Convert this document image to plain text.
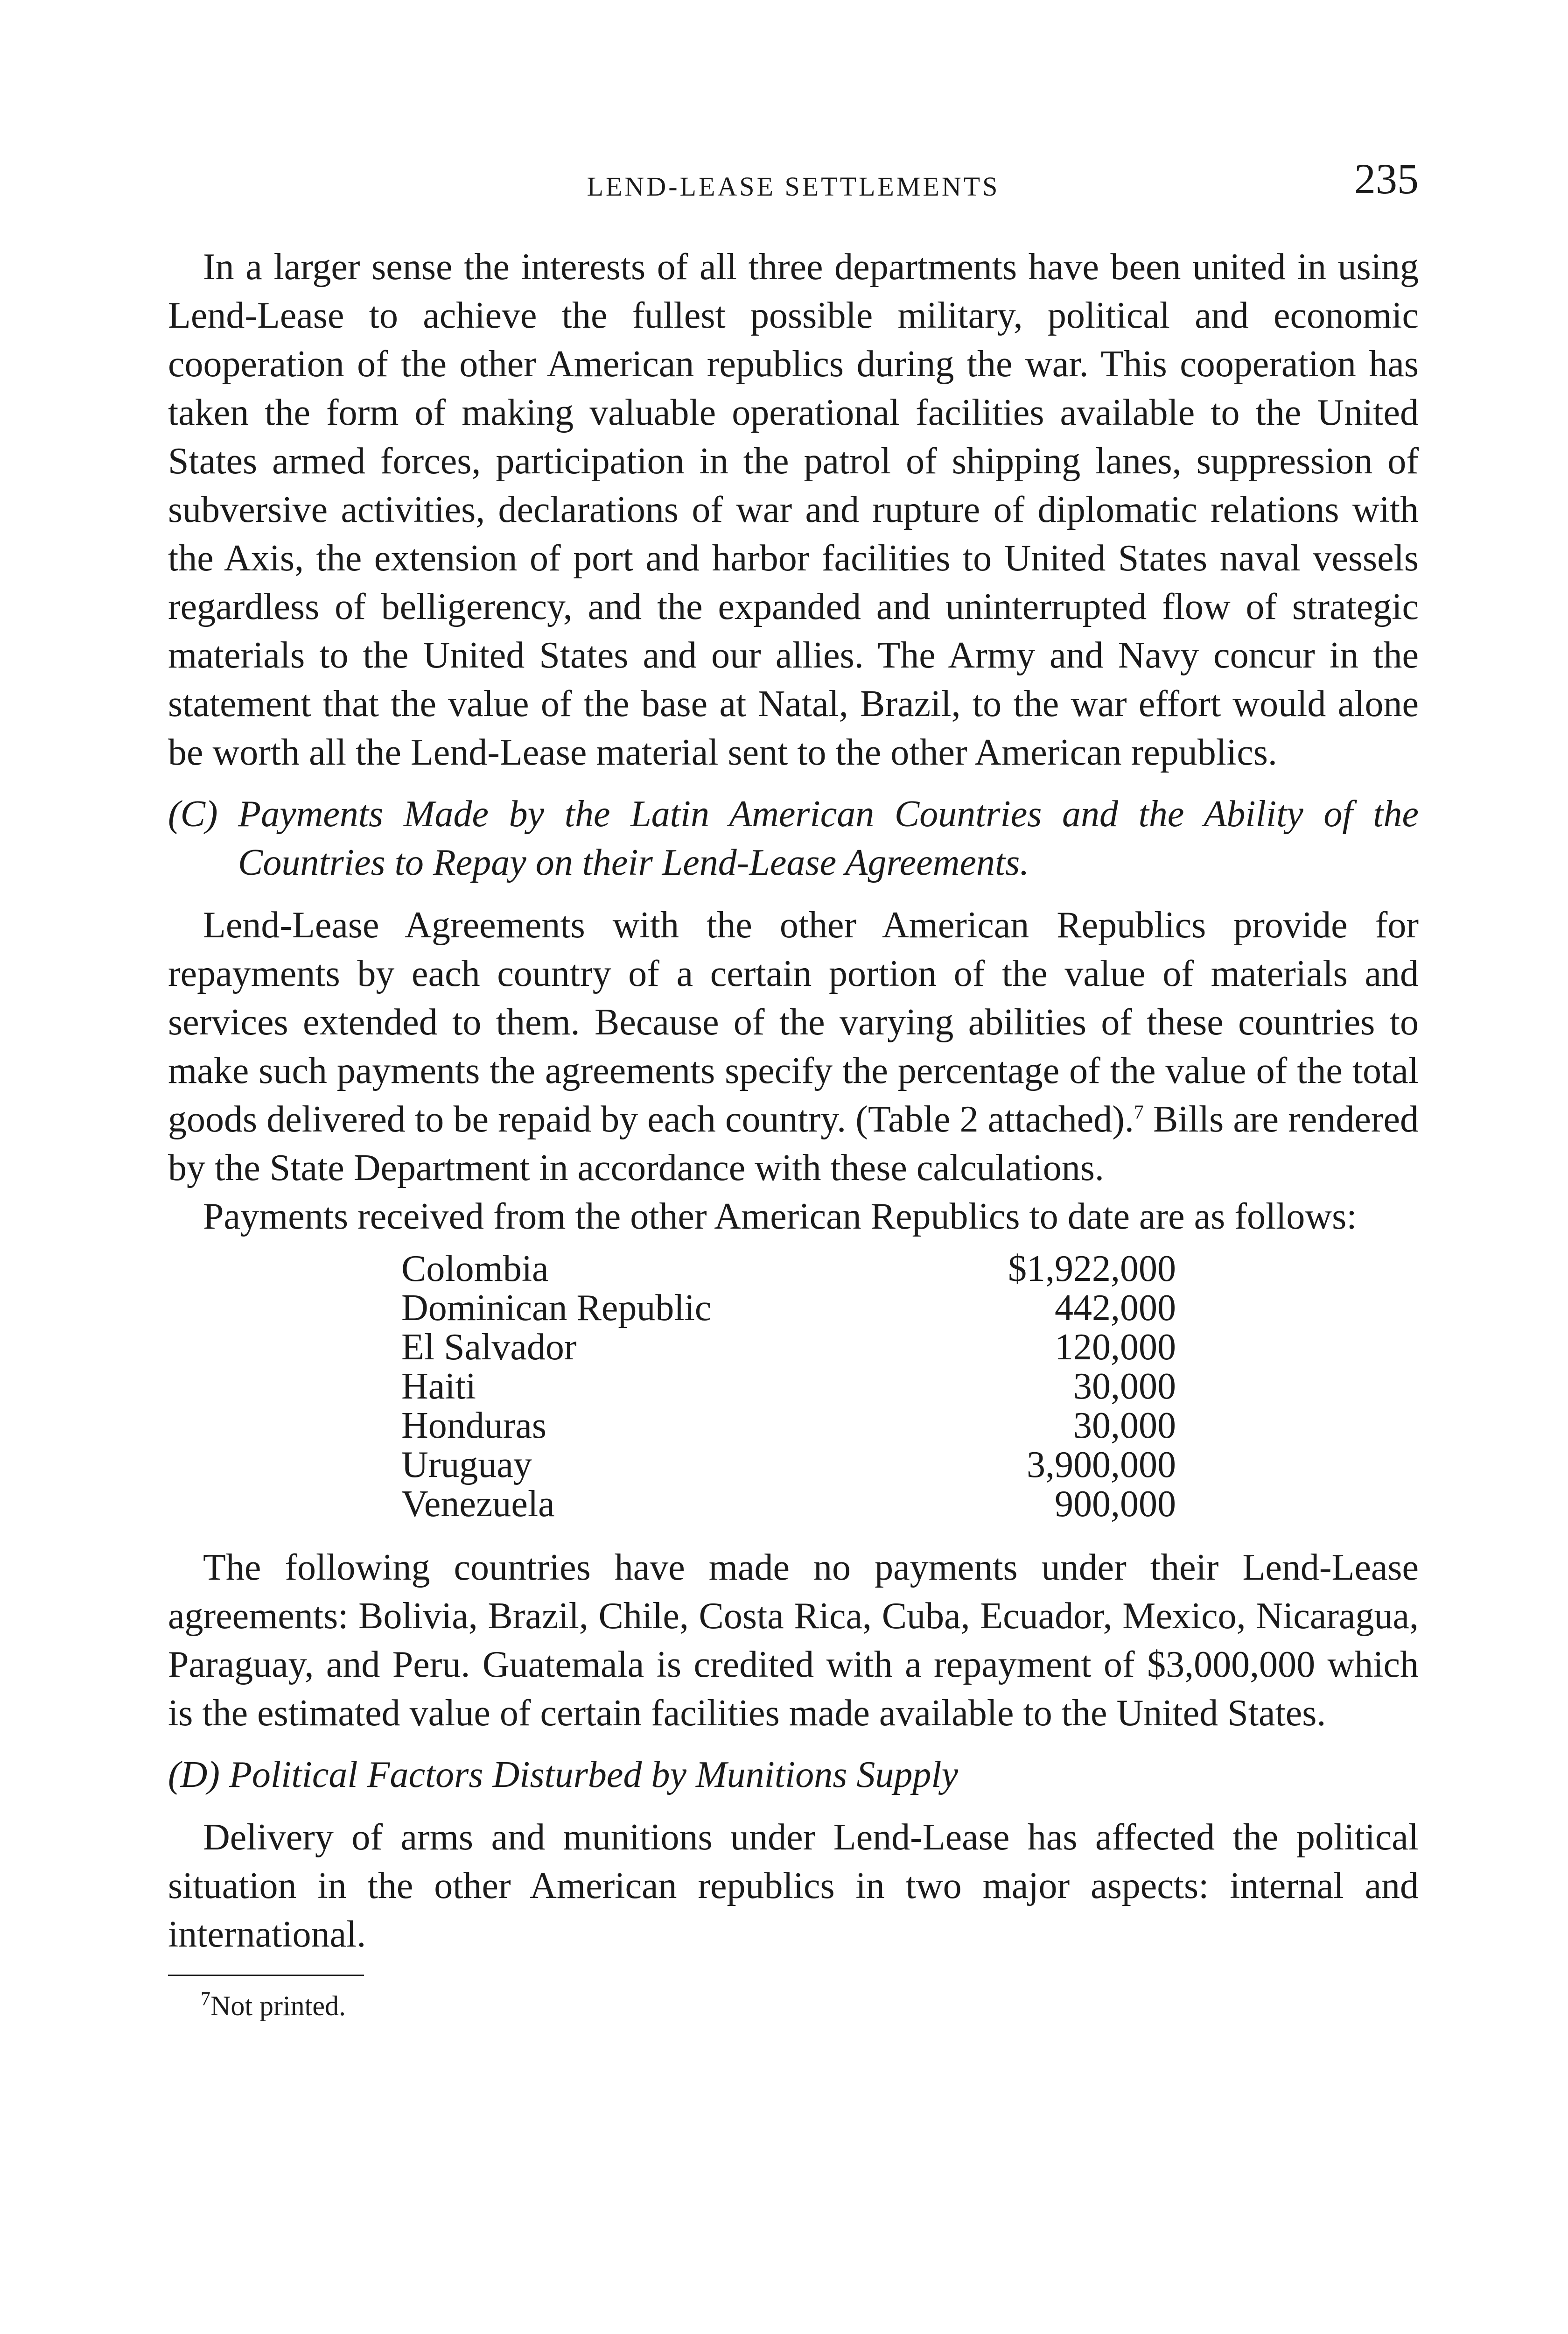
LEND-LEASE SETTLEMENTS	235

In a larger sense the interests of all three departments have been united in using Lend-Lease to achieve the fullest possible military, political and economic cooperation of the other American republics during the war. This cooperation has taken the form of making valuable operational facilities available to the United States armed forces, participation in the patrol of shipping lanes, suppression of subversive activities, declarations of war and rupture of diplomatic relations with the Axis, the extension of port and harbor facilities to United States naval vessels regardless of belligerency, and the expanded and uninterrupted flow of strategic materials to the United States and our allies. The Army and Navy concur in the statement that the value of the base at Natal, Brazil, to the war effort would alone be worth all the Lend-Lease material sent to the other American republics.

(C) Payments Made by the Latin American Countries and the Ability of the Countries to Repay on their Lend-Lease Agreements.

Lend-Lease Agreements with the other American Republics provide for repayments by each country of a certain portion of the value of materials and services extended to them. Because of the varying abilities of these countries to make such payments the agreements specify the percentage of the value of the total goods delivered to be repaid by each country. (Table 2 attached).$^7$ Bills are rendered by the State Department in accordance with these calculations.

Payments received from the other American Republics to date are as follows:

Colombia	$1,922,000
Dominican Republic	442,000
El Salvador	120,000
Haiti	30,000
Honduras	30,000
Uruguay	3,900,000
Venezuela	900,000

The following countries have made no payments under their Lend-Lease agreements: Bolivia, Brazil, Chile, Costa Rica, Cuba, Ecuador, Mexico, Nicaragua, Paraguay, and Peru. Guatemala is credited with a repayment of $3,000,000 which is the estimated value of certain facilities made available to the United States.

(D) Political Factors Disturbed by Munitions Supply

Delivery of arms and munitions under Lend-Lease has affected the political situation in the other American republics in two major aspects: internal and international.

$^7$Not printed.
